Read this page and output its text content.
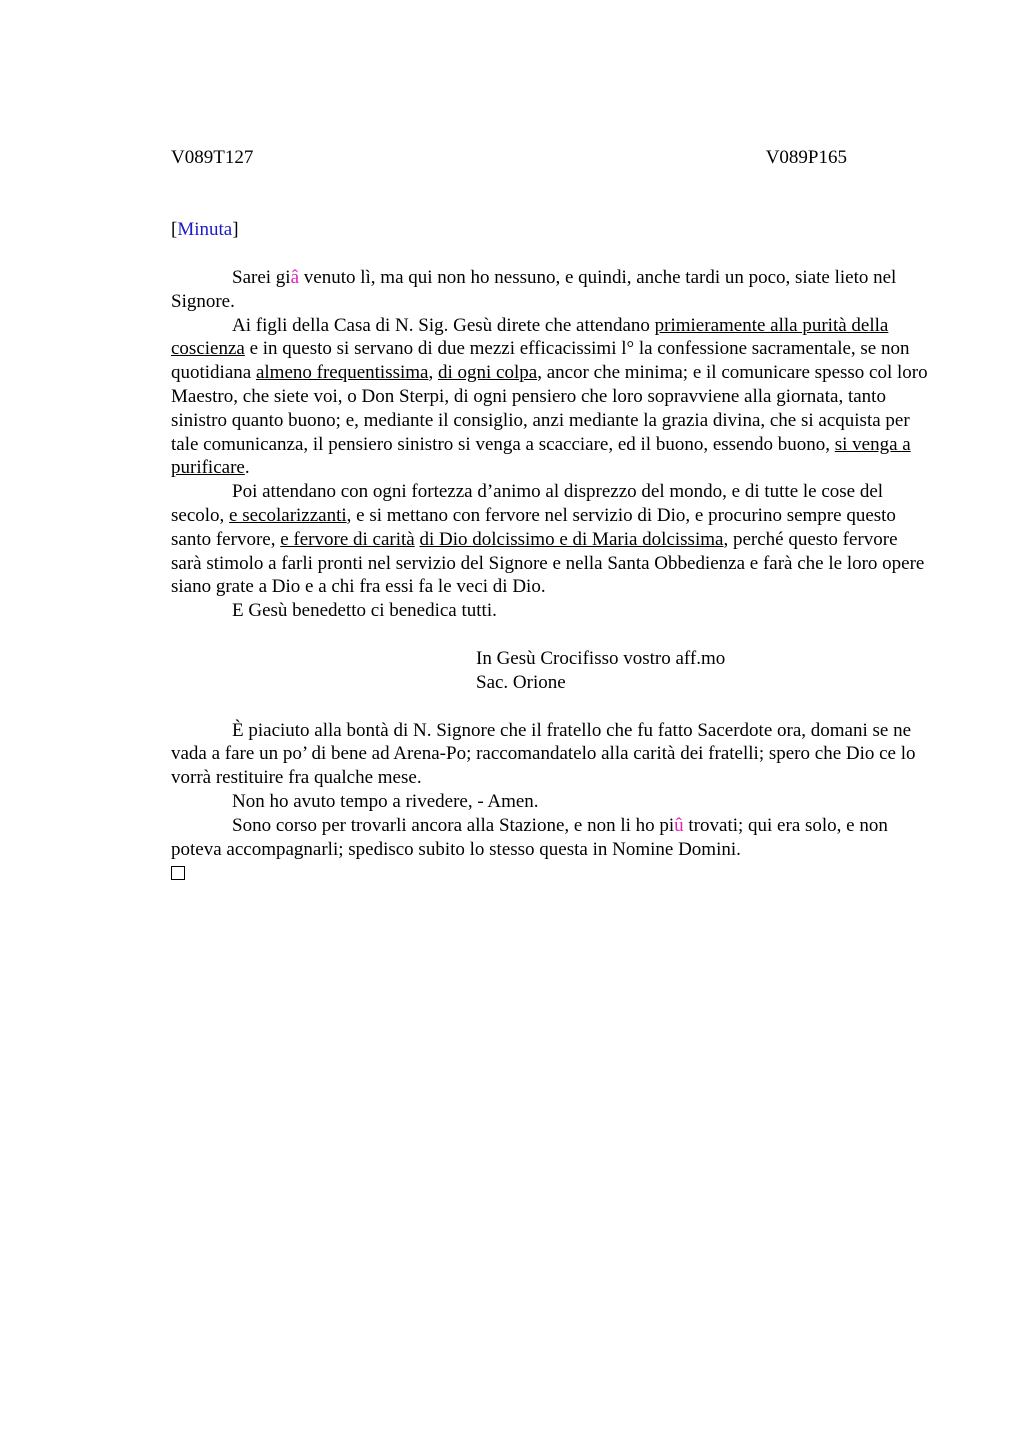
V089T127	V089P165
[Minuta]

Sarei giâ venuto lì, ma qui non ho nessuno, e quindi, anche tardi un poco, siate lieto nel Signore.

Ai figli della Casa di N. Sig. Gesù direte che attendano primieramente alla purità della coscienza e in questo si servano di due mezzi efficacissimi l° la confessione sacramentale, se non quotidiana almeno frequentissima, di ogni colpa, ancor che minima; e il comunicare spesso col loro Maestro, che siete voi, o Don Sterpi, di ogni pensiero che loro sopravviene alla giornata, tanto sinistro quanto buono; e, mediante il consiglio, anzi mediante la grazia divina, che si acquista per tale comunicanza, il pensiero sinistro si venga a scacciare, ed il buono, essendo buono, si venga a purificare.

Poi attendano con ogni fortezza d’animo al disprezzo del mondo, e di tutte le cose del secolo, e secolarizzanti, e si mettano con fervore nel servizio di Dio, e procurino sempre questo santo fervore, e fervore di carità di Dio dolcissimo e di Maria dolcissima, perché questo fervore sarà stimolo a farli pronti nel servizio del Signore e nella Santa Obbedienza e farà che le loro opere siano grate a Dio e a chi fra essi fa le veci di Dio.

E Gesù benedetto ci benedica tutti.

In Gesù Crocifisso vostro aff.mo
Sac. Orione

È piaciuto alla bontà di N. Signore che il fratello che fu fatto Sacerdote ora, domani se ne vada a fare un po’ di bene ad Arena-Po; raccomandatelo alla carità dei fratelli; spero che Dio ce lo vorrà restituire fra qualche mese.

Non ho avuto tempo a rivedere, - Amen.

Sono corso per trovarli ancora alla Stazione, e non li ho piû trovati; qui era solo, e non poteva accompagnarli; spedisco subito lo stesso questa in Nomine Domini.
